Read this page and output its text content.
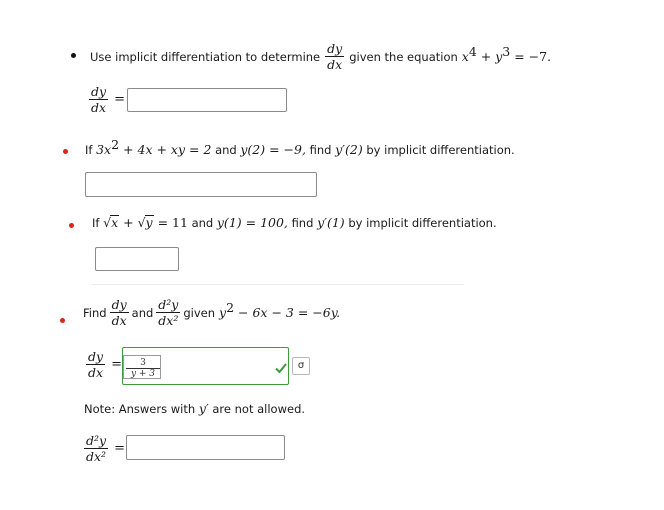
Use implicit differentiation to determine $\frac{dy}{dx}$ given the equation $x^4 + y^3 = -7$.
$\frac{dy}{dx}$ =
If $3x^2 + 4x$ + xy = 2 and y(2) = −9, find y′(2) by implicit differentiation.
If √x + √y = 11 and y(1) = 100, find y′(1) by implicit differentiation.
Find $\frac{dy}{dx}$ and $\frac{\text{d²y}}{\text{dx²}}$ given $y^2 - 6x - 3 = -6y$.
$\frac{dy}{dx} = \frac{3}{y + 3}$	σ
Note: Answers with y′ are not allowed.
$\frac{\text{d²y}}{\text{dx²}}$ =
